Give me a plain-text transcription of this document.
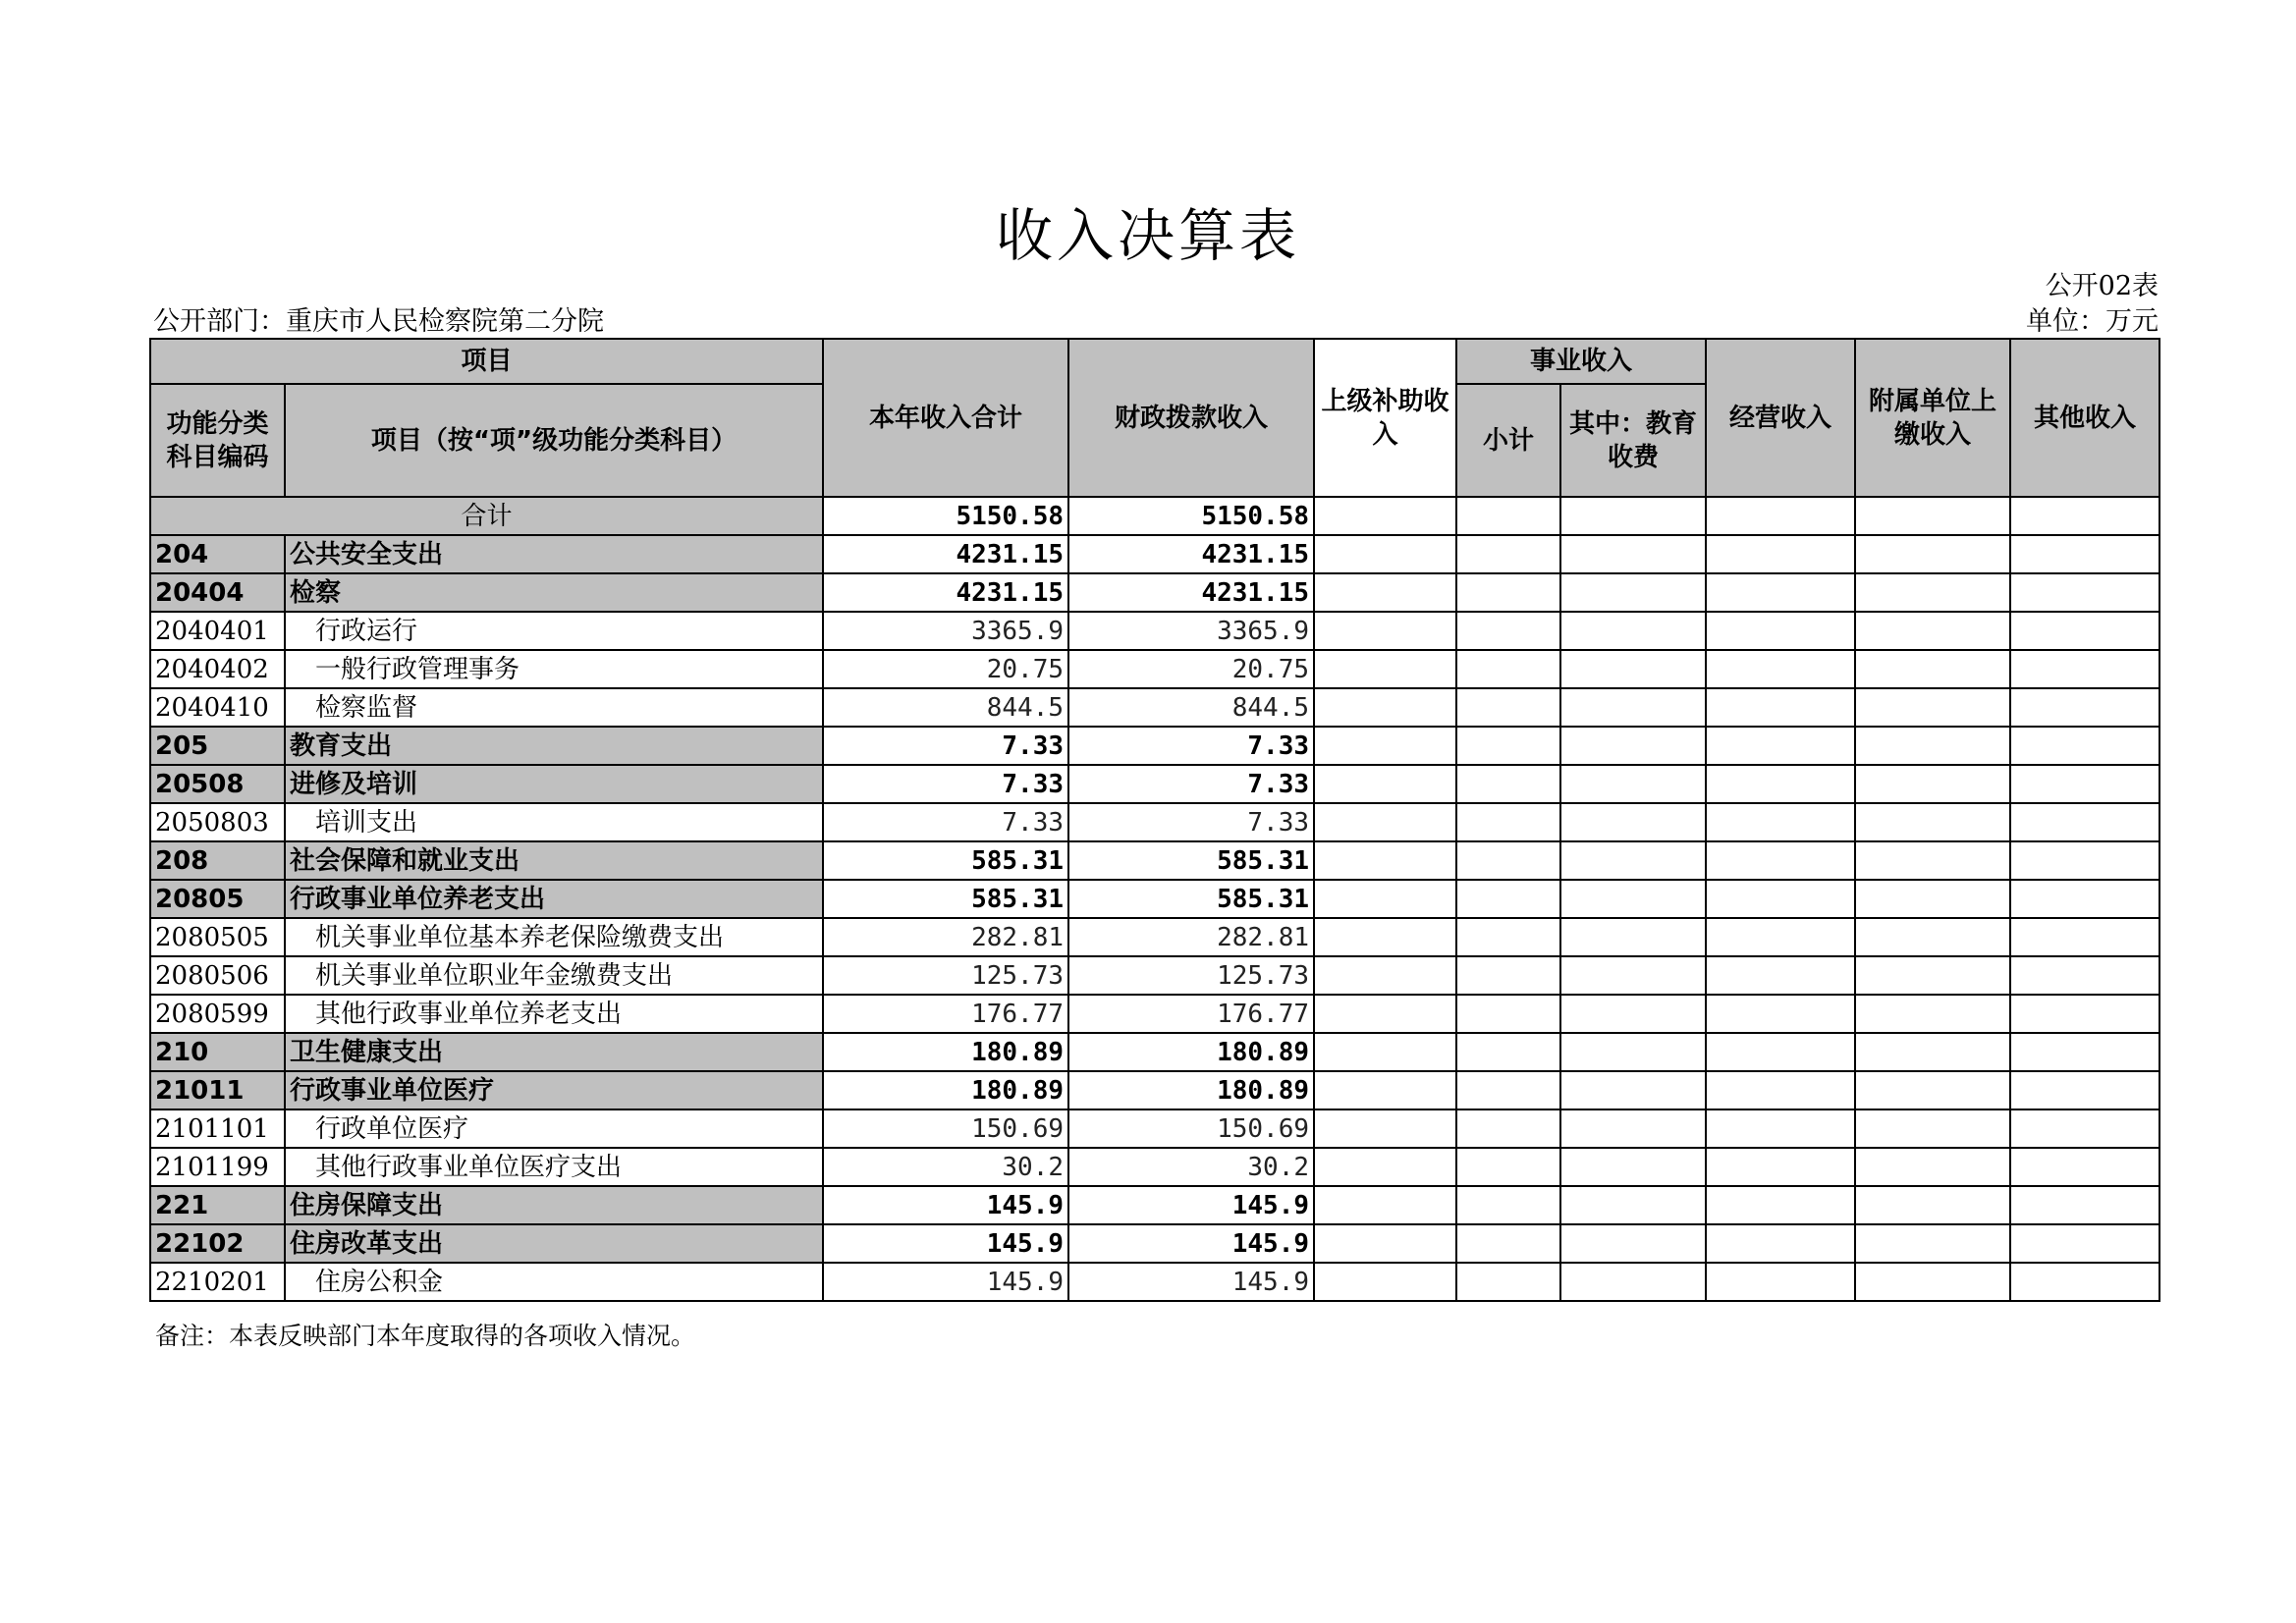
收入决算表
公开02表
公开部门：重庆市人民检察院第二分院	单位：万元
项目		本年收入合计	财政拨款收入	上级补助收入	事业收入		经营收入	附属单位上缴收入	其他收入
功能分类科目编码	项目（按“项”级功能分类科目）				小计	其中：教育收费			
合计		5150.58	5150.58						
204	公共安全支出	4231.15	4231.15						
20404	检察	4231.15	4231.15						
2040401	行政运行	3365.9	3365.9						
2040402	一般行政管理事务	20.75	20.75						
2040410	检察监督	844.5	844.5						
205	教育支出	7.33	7.33						
20508	进修及培训	7.33	7.33						
2050803	培训支出	7.33	7.33						
208	社会保障和就业支出	585.31	585.31						
20805	行政事业单位养老支出	585.31	585.31						
2080505	机关事业单位基本养老保险缴费支出	282.81	282.81						
2080506	机关事业单位职业年金缴费支出	125.73	125.73						
2080599	其他行政事业单位养老支出	176.77	176.77						
210	卫生健康支出	180.89	180.89						
21011	行政事业单位医疗	180.89	180.89						
2101101	行政单位医疗	150.69	150.69						
2101199	其他行政事业单位医疗支出	30.2	30.2						
221	住房保障支出	145.9	145.9						
22102	住房改革支出	145.9	145.9						
2210201	住房公积金	145.9	145.9						
备注：本表反映部门本年度取得的各项收入情况。
